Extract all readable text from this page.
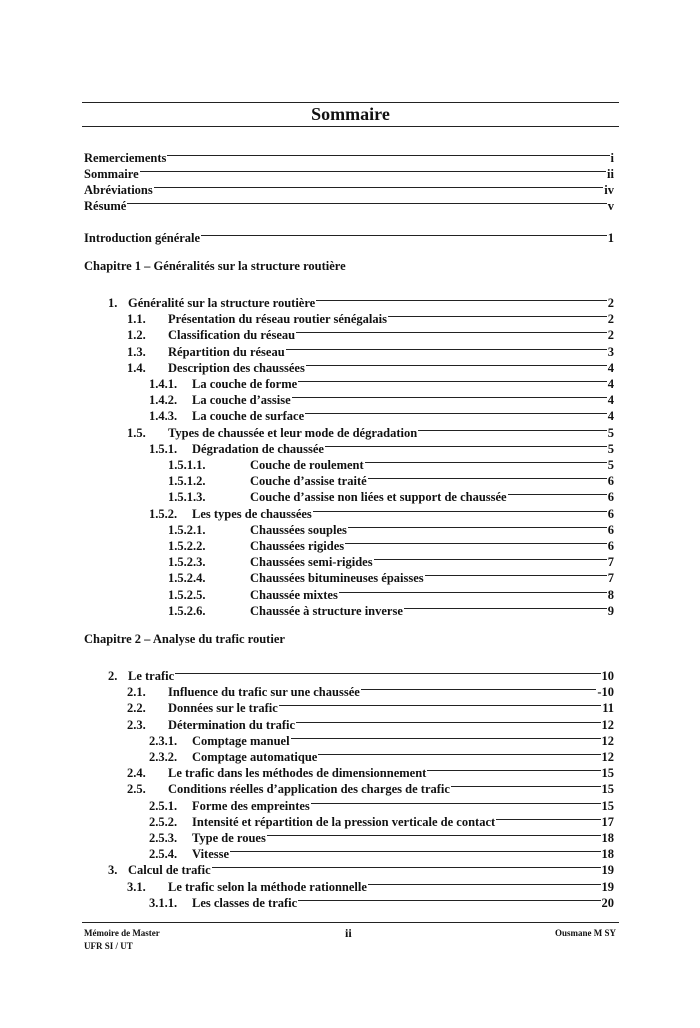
Sommaire
Remerciements	i
Sommaire	ii
Abréviations	iv
Résumé	v
Introduction générale	1
Chapitre 1 – Généralités sur la structure routière
1. Généralité sur la structure routière	2
1.1.	Présentation du réseau routier sénégalais	2
1.2.	Classification du réseau	2
1.3.	Répartition du réseau	3
1.4.	Description des chaussées	4
1.4.1.	La couche de forme	4
1.4.2.	La couche d’assise	4
1.4.3.	La couche de surface	4
1.5.	Types de chaussée et leur mode de dégradation	5
1.5.1.	Dégradation de chaussée	5
1.5.1.1.	Couche de roulement	5
1.5.1.2.	Couche d’assise traité	6
1.5.1.3.	Couche d’assise non liées et support de chaussée	6
1.5.2.	Les types de chaussées	6
1.5.2.1.	Chaussées souples	6
1.5.2.2.	Chaussées rigides	6
1.5.2.3.	Chaussées semi-rigides	7
1.5.2.4.	Chaussées bitumineuses épaisses	7
1.5.2.5.	Chaussée mixtes	8
1.5.2.6.	Chaussée à structure inverse	9
Chapitre 2 – Analyse du trafic routier
2. Le trafic	10
2.1.	Influence du trafic sur une chaussée	-10
2.2.	Données sur le trafic	11
2.3.	Détermination du trafic	12
2.3.1.	Comptage manuel	12
2.3.2.	Comptage automatique	12
2.4.	Le trafic dans les méthodes de dimensionnement	15
2.5.	Conditions réelles d’application des charges de trafic	15
2.5.1.	Forme des empreintes	15
2.5.2.	Intensité et répartition de la pression verticale de contact	17
2.5.3.	Type de roues	18
2.5.4.	Vitesse	18
3. Calcul de trafic	19
3.1.	Le trafic selon la méthode rationnelle	19
3.1.1.	Les classes de trafic	20
Mémoire de Master
UFR SI / UT
ii	Ousmane M SY
